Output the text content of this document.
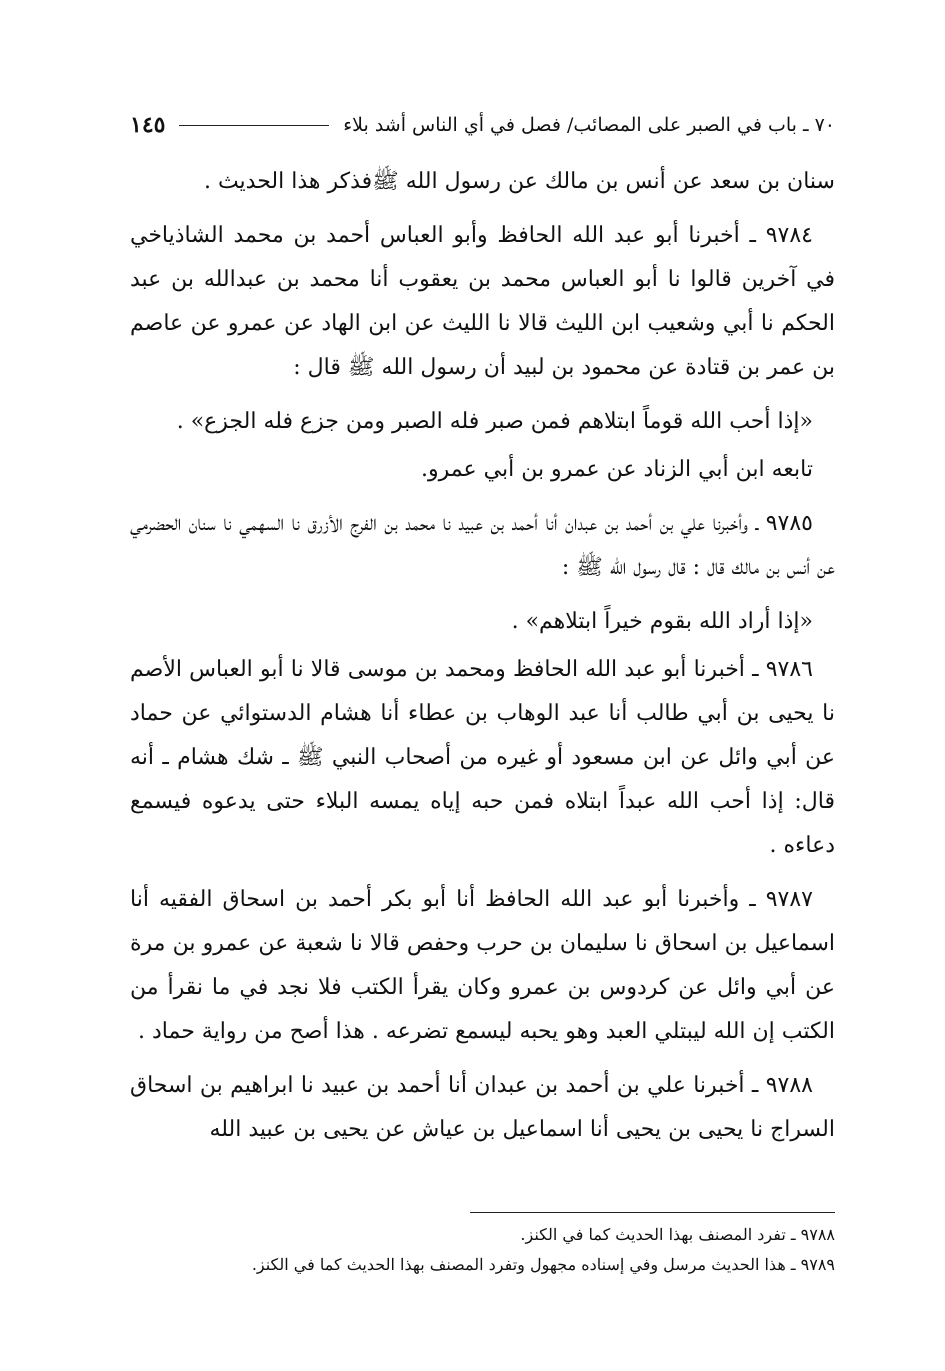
٧٠ ـ باب في الصبر على المصائب/ فصل في أي الناس أشد بلاء
١٤٥

سنان بن سعد عن أنس بن مالك عن رسول الله ﷺفذكر هذا الحديث .

٩٧٨٤ ـ أخبرنا أبو عبد الله الحافظ وأبو العباس أحمد بن محمد الشاذياخي في آخرين قالوا نا أبو العباس محمد بن يعقوب أنا محمد بن عبدالله بن عبد الحكم نا أبي وشعيب ابن الليث قالا نا الليث عن ابن الهاد عن عمرو عن عاصم بن عمر بن قتادة عن محمود بن لبيد أن رسول الله ﷺ قال :

«إذا أحب الله قوماً ابتلاهم فمن صبر فله الصبر ومن جزع فله الجزع» .

تابعه ابن أبي الزناد عن عمرو بن أبي عمرو.

٩٧٨٥ ـ وأخبرنا علي بن أحمد بن عبدان أنا أحمد بن عبيد نا محمد بن الفرج الأزرق نا السهمي نا سنان الحضرمي عن أنس بن مالك قال : قال رسول الله ﷺ :

«إذا أراد الله بقوم خيراً ابتلاهم» .

٩٧٨٦ ـ أخبرنا أبو عبد الله الحافظ ومحمد بن موسى قالا نا أبو العباس الأصم نا يحيى بن أبي طالب أنا عبد الوهاب بن عطاء أنا هشام الدستوائي عن حماد عن أبي وائل عن ابن مسعود أو غيره من أصحاب النبي ﷺ ـ شك هشام ـ أنه قال: إذا أحب الله عبداً ابتلاه فمن حبه إياه يمسه البلاء حتى يدعوه فيسمع دعاءه .

٩٧٨٧ ـ وأخبرنا أبو عبد الله الحافظ أنا أبو بكر أحمد بن اسحاق الفقيه أنا اسماعيل بن اسحاق نا سليمان بن حرب وحفص قالا نا شعبة عن عمرو بن مرة عن أبي وائل عن كردوس بن عمرو وكان يقرأ الكتب فلا نجد في ما نقرأ من الكتب إن الله ليبتلي العبد وهو يحبه ليسمع تضرعه . هذا أصح من رواية حماد .

٩٧٨٨ ـ أخبرنا علي بن أحمد بن عبدان أنا أحمد بن عبيد نا ابراهيم بن اسحاق السراج نا يحيى بن يحيى أنا اسماعيل بن عياش عن يحيى بن عبيد الله

٩٧٨٨ ـ تفرد المصنف بهذا الحديث كما في الكنز.

٩٧٨٩ ـ هذا الحديث مرسل وفي إسناده مجهول وتفرد المصنف بهذا الحديث كما في الكنز.
